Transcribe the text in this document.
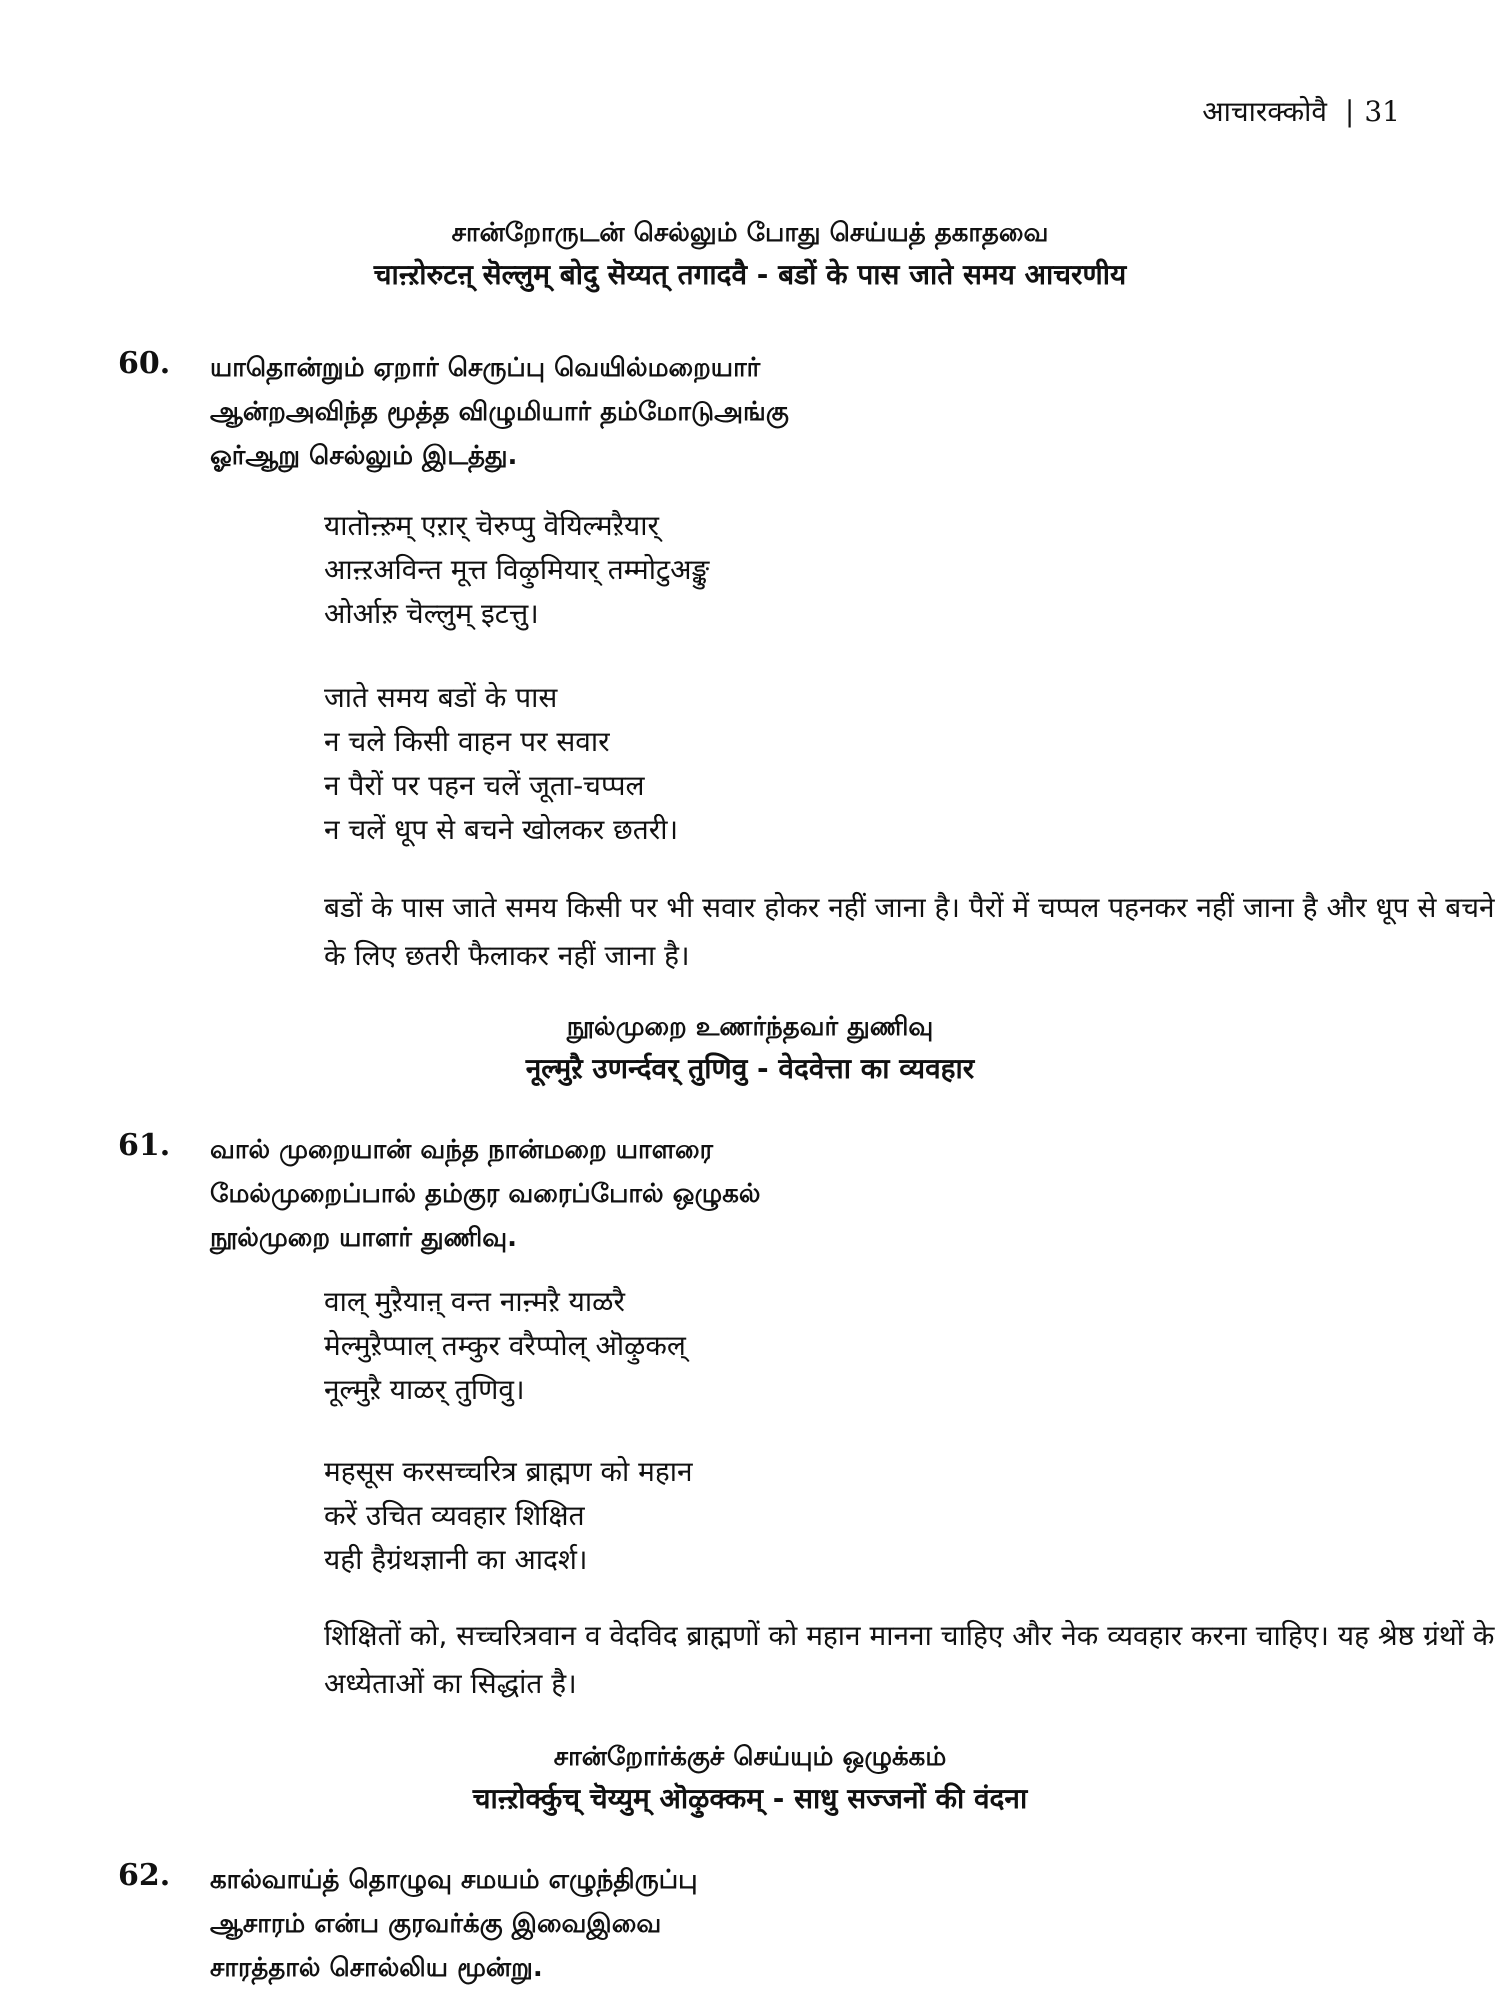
आचारक्कोवै | 31
சான்றோருடன் செல்லும் போது செய்யத் தகாதவை
चाऩ्ऱोरुटऩ् सॆल्लुम् बोदु सॆय्यत् तगादवै - बडों के पास जाते समय आचरणीय
60. யாதொன்றும் ஏறார் செருப்பு வெயில்மறையார்
ஆன்றஅவிந்த மூத்த விழுமியார் தம்மோடுஅங்கு
ஓர்ஆறு செல்லும் இடத்து.
यातॊऩ्ऱुम् एऱार् चॆरुप्पु वॆयिल्मऱैयार्
आऩ्ऱअविन्त मूत्त विऴुमियार् तम्मोटुअङ्कु
ओर्आऱु चॆल्लुम् इटत्तु।
जाते समय बडों के पास
न चले किसी वाहन पर सवार
न पैरों पर पहन चलें जूता-चप्पल
न चलें धूप से बचने खोलकर छतरी।
बडों के पास जाते समय किसी पर भी सवार होकर नहीं जाना है। पैरों में चप्पल पहनकर नहीं जाना है और धूप से बचने के लिए छतरी फैलाकर नहीं जाना है।
நூல்முறை உணர்ந்தவர் துணிவு
नूल्मुऱै उणर्न्दवर् तुणिवु - वेदवेत्ता का व्यवहार
61. வால் முறையான் வந்த நான்மறை யாளரை
மேல்முறைப்பால் தம்குர வரைப்போல் ஒழுகல்
நூல்முறை யாளர் துணிவு.
वाल् मुऱैयाऩ् वन्त नाऩ्मऱै याळरै
मेल्मुऱैप्पाल् तम्कुर वरैप्पोल् ऒऴुकल्
नूल्मुऱै याळर् तुणिवु।
महसूस करसच्चरित्र ब्राह्मण को महान
करें उचित व्यवहार शिक्षित
यही हैग्रंथज्ञानी का आदर्श।
शिक्षितों को, सच्चरित्रवान व वेदविद ब्राह्मणों को महान मानना चाहिए और नेक व्यवहार करना चाहिए। यह श्रेष्ठ ग्रंथों के अध्येताओं का सिद्धांत है।
சான்றோர்க்குச் செய்யும் ஒழுக்கம்
चाऩ्ऱोर्क्कुच् चॆय्युम् ऒऴुक्कम् - साधु सज्जनों की वंदना
62. கால்வாய்த் தொழுவு சமயம் எழுந்திருப்பு
ஆசாரம் என்ப குரவர்க்கு இவைஇவை
சாரத்தால் சொல்லிய மூன்று.
